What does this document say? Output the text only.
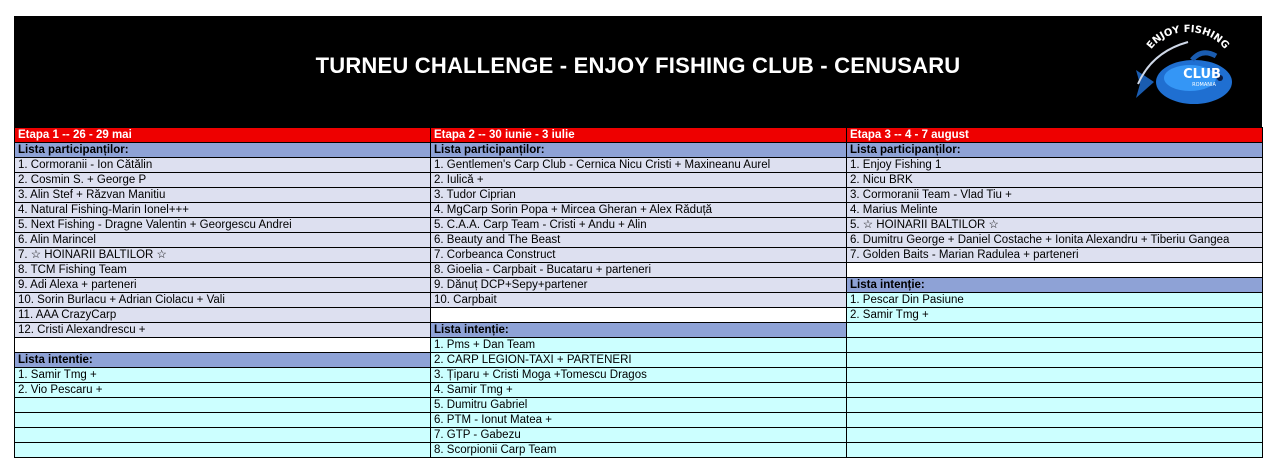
TURNEU CHALLENGE - ENJOY FISHING CLUB - CENUSARU
ENJOY FISHING
CLUB
ROMANIA
Etapa 1 -- 26 - 29 mai
Lista participanților:
1. Cormoranii - Ion Cătălin
2. Cosmin S. + George P
3. Alin Stef + Răzvan Manitiu
4. Natural Fishing-Marin Ionel+++
5. Next Fishing - Dragne Valentin + Georgescu Andrei
6. Alin Marincel
7. ☆ HOINARII BALTILOR ☆
8. TCM Fishing Team
9. Adi Alexa + parteneri
10. Sorin Burlacu + Adrian Ciolacu + Vali
11. AAA CrazyCarp
12. Cristi Alexandrescu +
Lista intentie:
1. Samir Tmg +
2. Vio Pescaru +
Etapa 2 -- 30 iunie - 3 iulie
Lista participanților:
1. Gentlemen's Carp Club - Cernica Nicu Cristi + Maxineanu Aurel
2. Iulică +
3. Tudor Ciprian
4. MgCarp Sorin Popa + Mircea Gheran + Alex Răduță
5. C.A.A. Carp Team - Cristi + Andu + Alin
6. Beauty and The Beast
7. Corbeanca Construct
8. Gioelia - Carpbait - Bucataru + parteneri
9. Dănuț DCP+Sepy+partener
10. Carpbait
Lista intenție:
1. Pms + Dan Team
2. CARP LEGION-TAXI + PARTENERI
3. Țiparu + Cristi Moga +Tomescu Dragos
4. Samir Tmg +
5. Dumitru Gabriel
6. PTM - Ionut Matea +
7. GTP - Gabezu
8. Scorpionii Carp Team
Etapa 3 -- 4 - 7 august
Lista participanților:
1. Enjoy Fishing 1
2. Nicu BRK
3. Cormoranii Team - Vlad Tiu +
4. Marius Melinte
5. ☆ HOINARII BALTILOR ☆
6. Dumitru George + Daniel Costache + Ionita Alexandru + Tiberiu Gangea
7. Golden Baits - Marian Radulea + parteneri
Lista intenție:
1. Pescar Din Pasiune
2. Samir Tmg +
